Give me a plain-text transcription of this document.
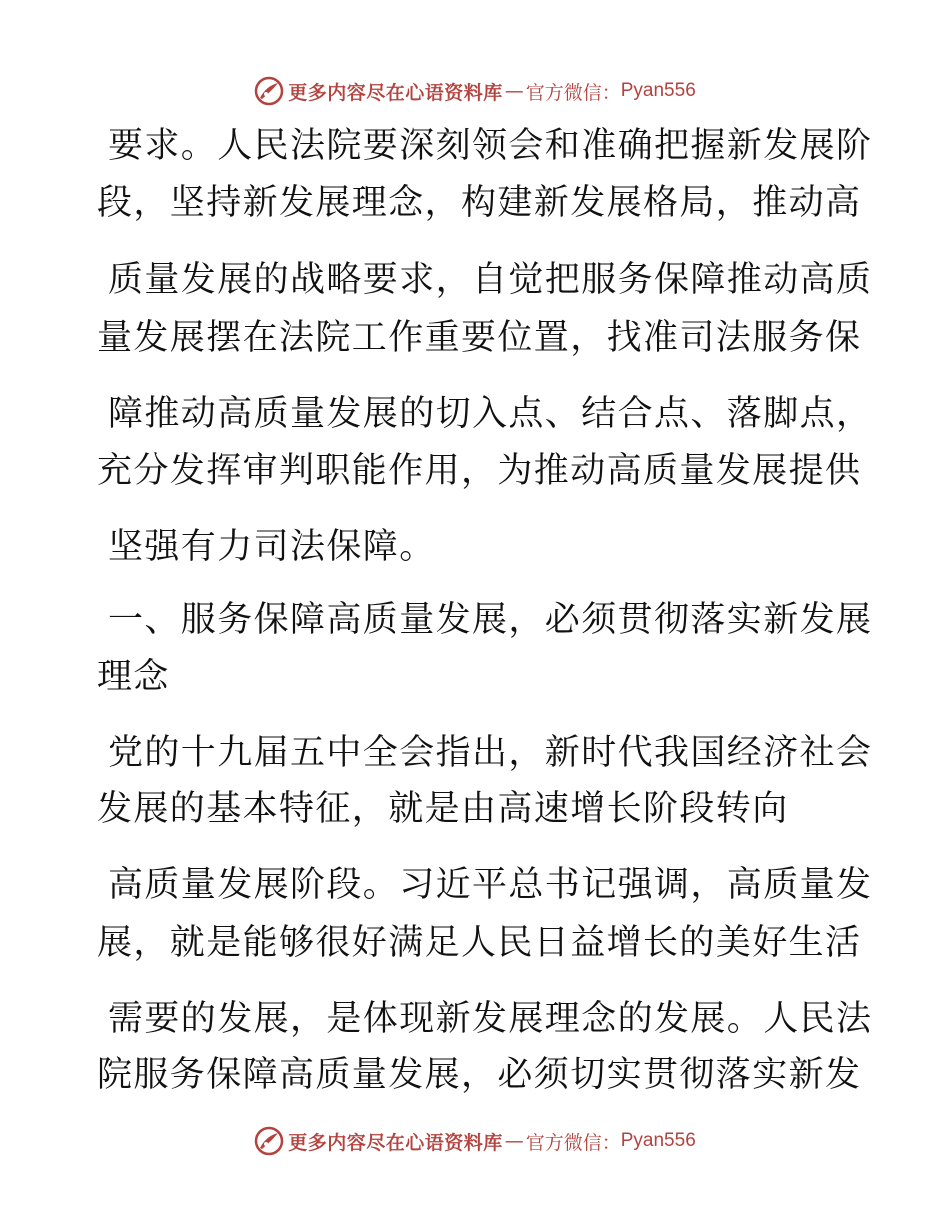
更多内容尽在心语资料库 — 官方微信： Pyan556
要求。人民法院要深刻领会和准确把握新发展阶
段，坚持新发展理念，构建新发展格局，推动高
质量发展的战略要求，自觉把服务保障推动高质
量发展摆在法院工作重要位置，找准司法服务保
障推动高质量发展的切入点、结合点、落脚点，
充分发挥审判职能作用，为推动高质量发展提供
坚强有力司法保障。
一、服务保障高质量发展，必须贯彻落实新发展
理念
党的十九届五中全会指出，新时代我国经济社会
发展的基本特征，就是由高速增长阶段转向
高质量发展阶段。习近平总书记强调，高质量发
展，就是能够很好满足人民日益增长的美好生活
需要的发展，是体现新发展理念的发展。人民法
院服务保障高质量发展，必须切实贯彻落实新发
更多内容尽在心语资料库 — 官方微信： Pyan556
